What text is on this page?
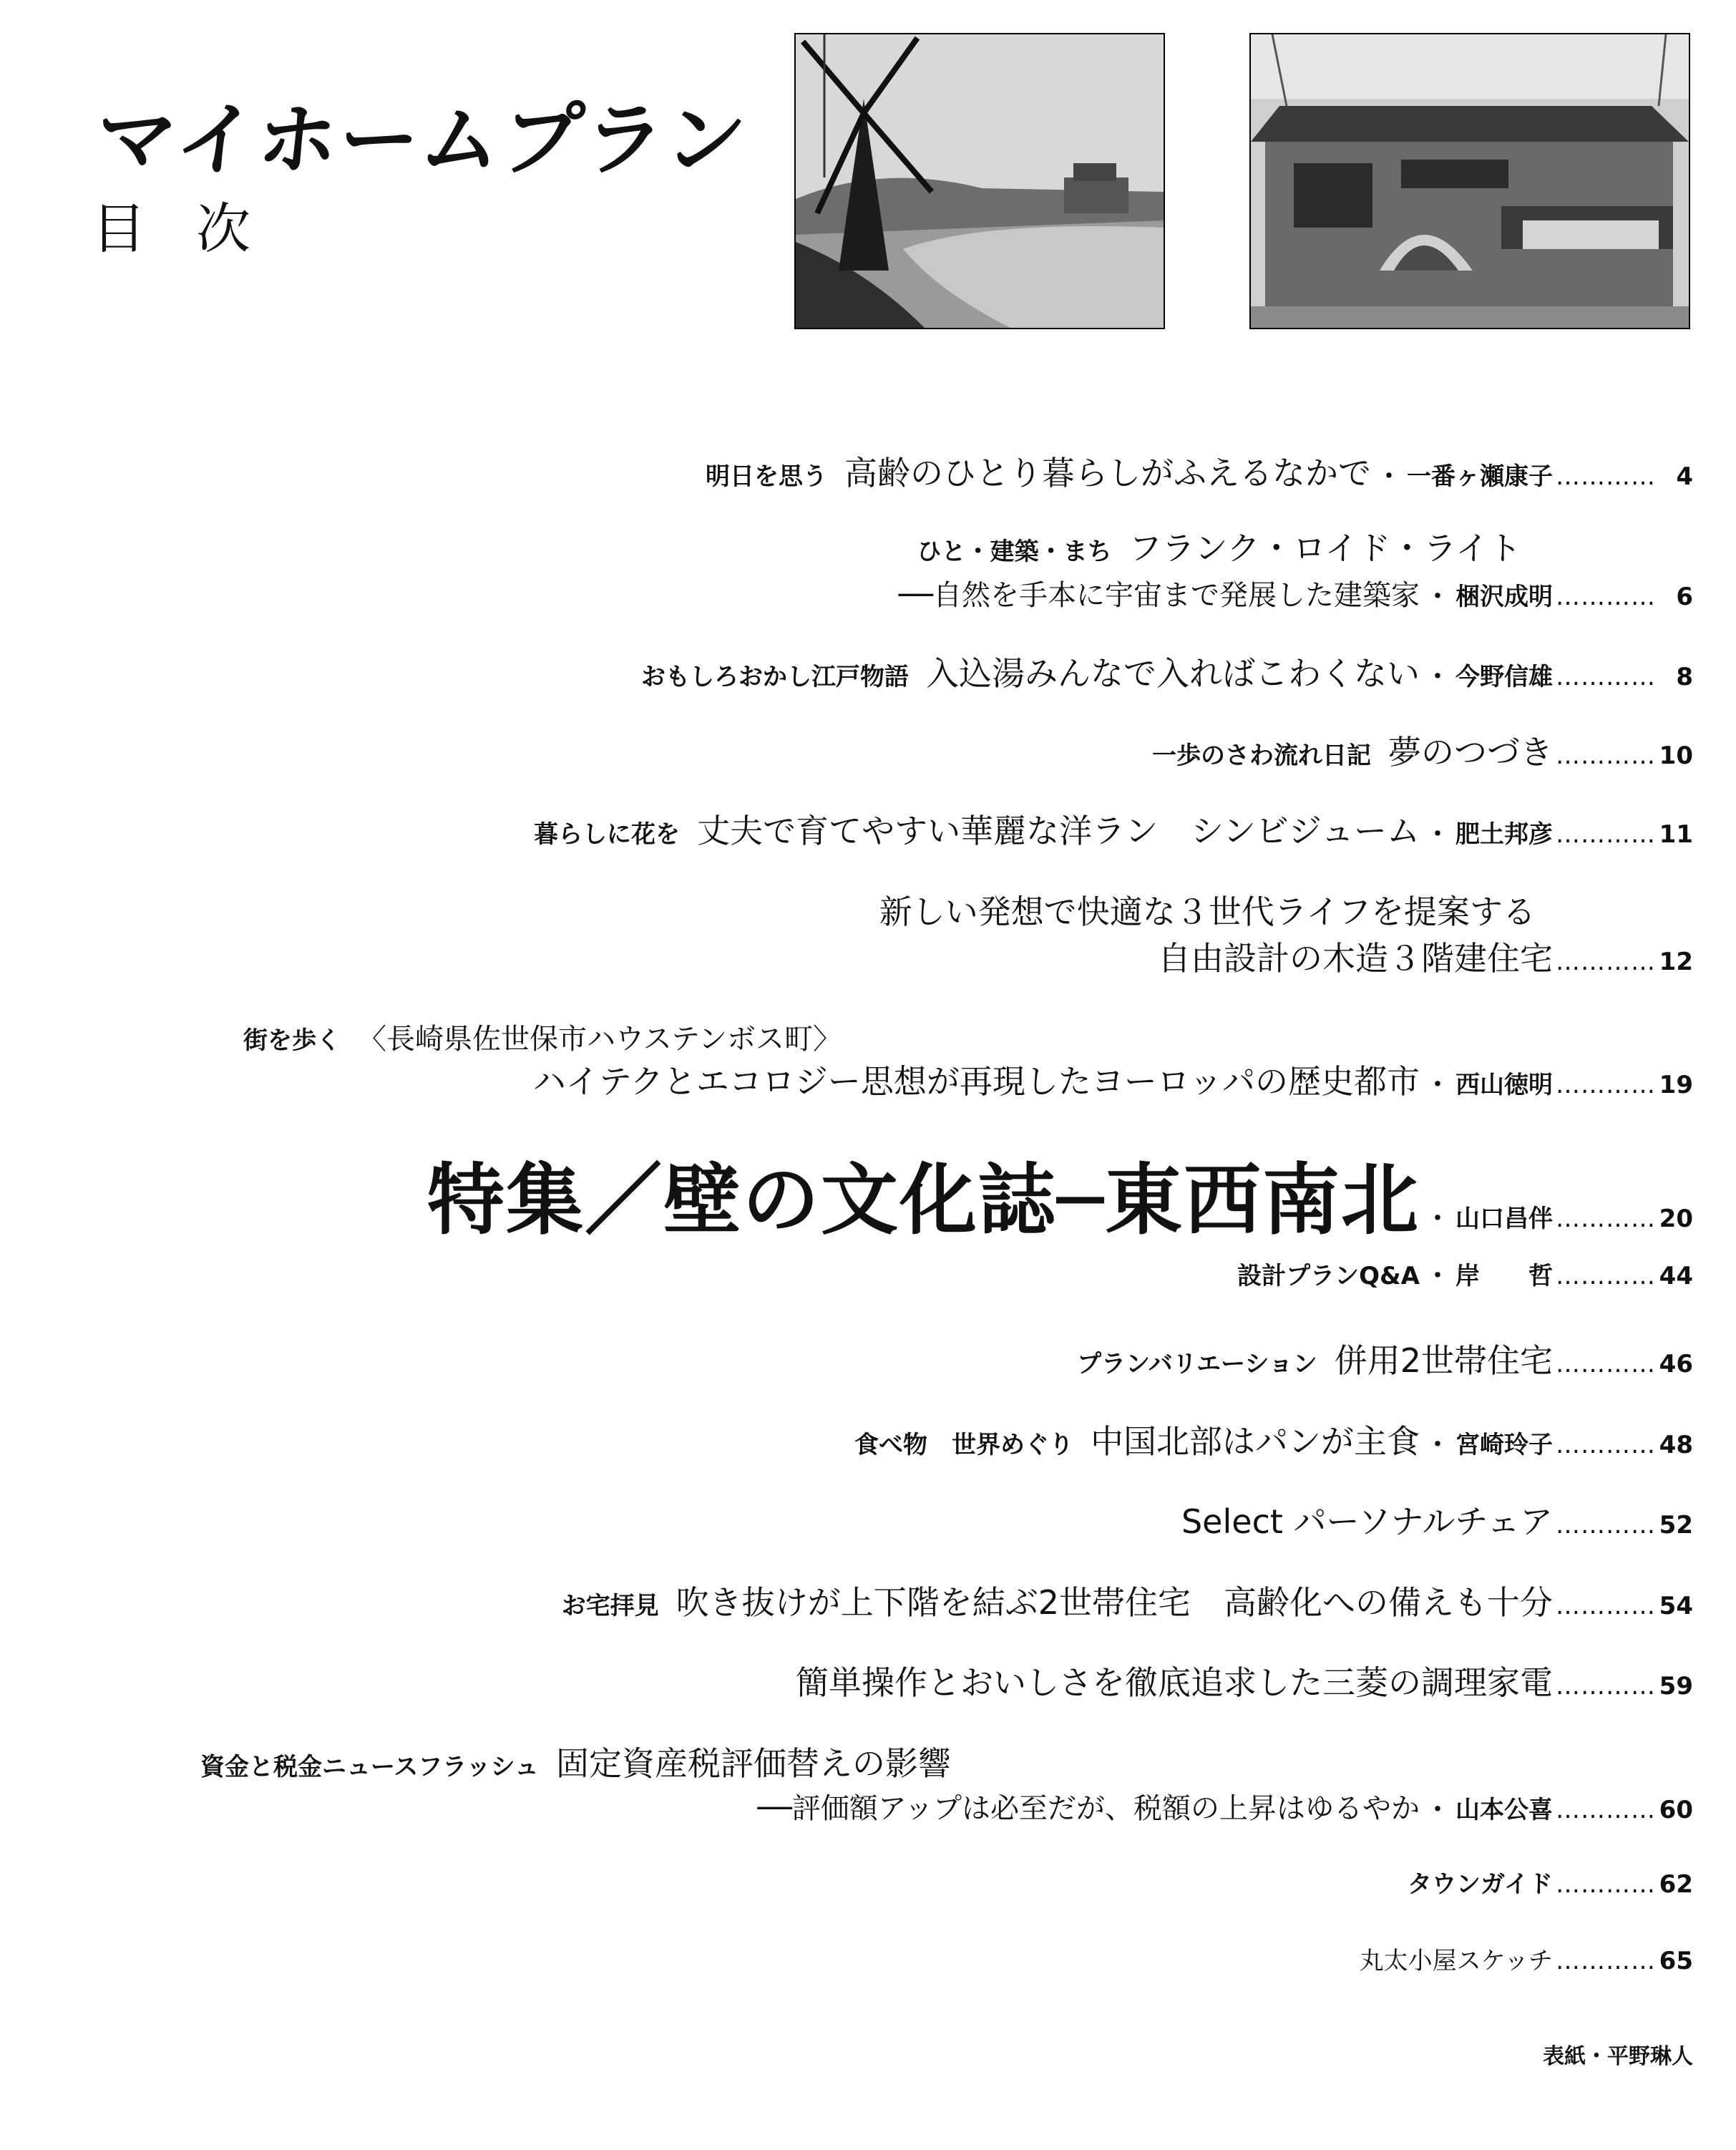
マイホームプラン
目次
明日を思う 高齢のひとり暮らしがふえるなかで ・ 一番ヶ瀬康子 ………… 4
ひと・建築・まち フランク・ロイド・ライト
──自然を手本に宇宙まで発展した建築家 ・ 梱沢成明 ………… 6
おもしろおかし江戸物語 入込湯みんなで入ればこわくない ・ 今野信雄 ………… 8
一歩のさわ流れ日記 夢のつづき ………… 10
暮らしに花を 丈夫で育てやすい華麗な洋ラン　シンビジューム ・ 肥土邦彦 ………… 11
新しい発想で快適な３世代ライフを提案する
自由設計の木造３階建住宅 ………… 12
街を歩く 〈長崎県佐世保市ハウステンボス町〉
ハイテクとエコロジー思想が再現したヨーロッパの歴史都市 ・ 西山徳明 ………… 19
特集／壁の文化誌─東西南北 ・ 山口昌伴 ………… 20
設計プランQ&A ・ 岸　　哲 ………… 44
プランバリエーション 併用2世帯住宅 ………… 46
食べ物　世界めぐり 中国北部はパンが主食 ・ 宮崎玲子 ………… 48
Select パーソナルチェア ………… 52
お宅拝見 吹き抜けが上下階を結ぶ2世帯住宅　高齢化への備えも十分 ………… 54
簡単操作とおいしさを徹底追求した三菱の調理家電 ………… 59
資金と税金ニュースフラッシュ 固定資産税評価替えの影響
──評価額アップは必至だが、税額の上昇はゆるやか ・ 山本公喜 ………… 60
タウンガイド ………… 62
丸太小屋スケッチ ………… 65
表紙・平野琳人
